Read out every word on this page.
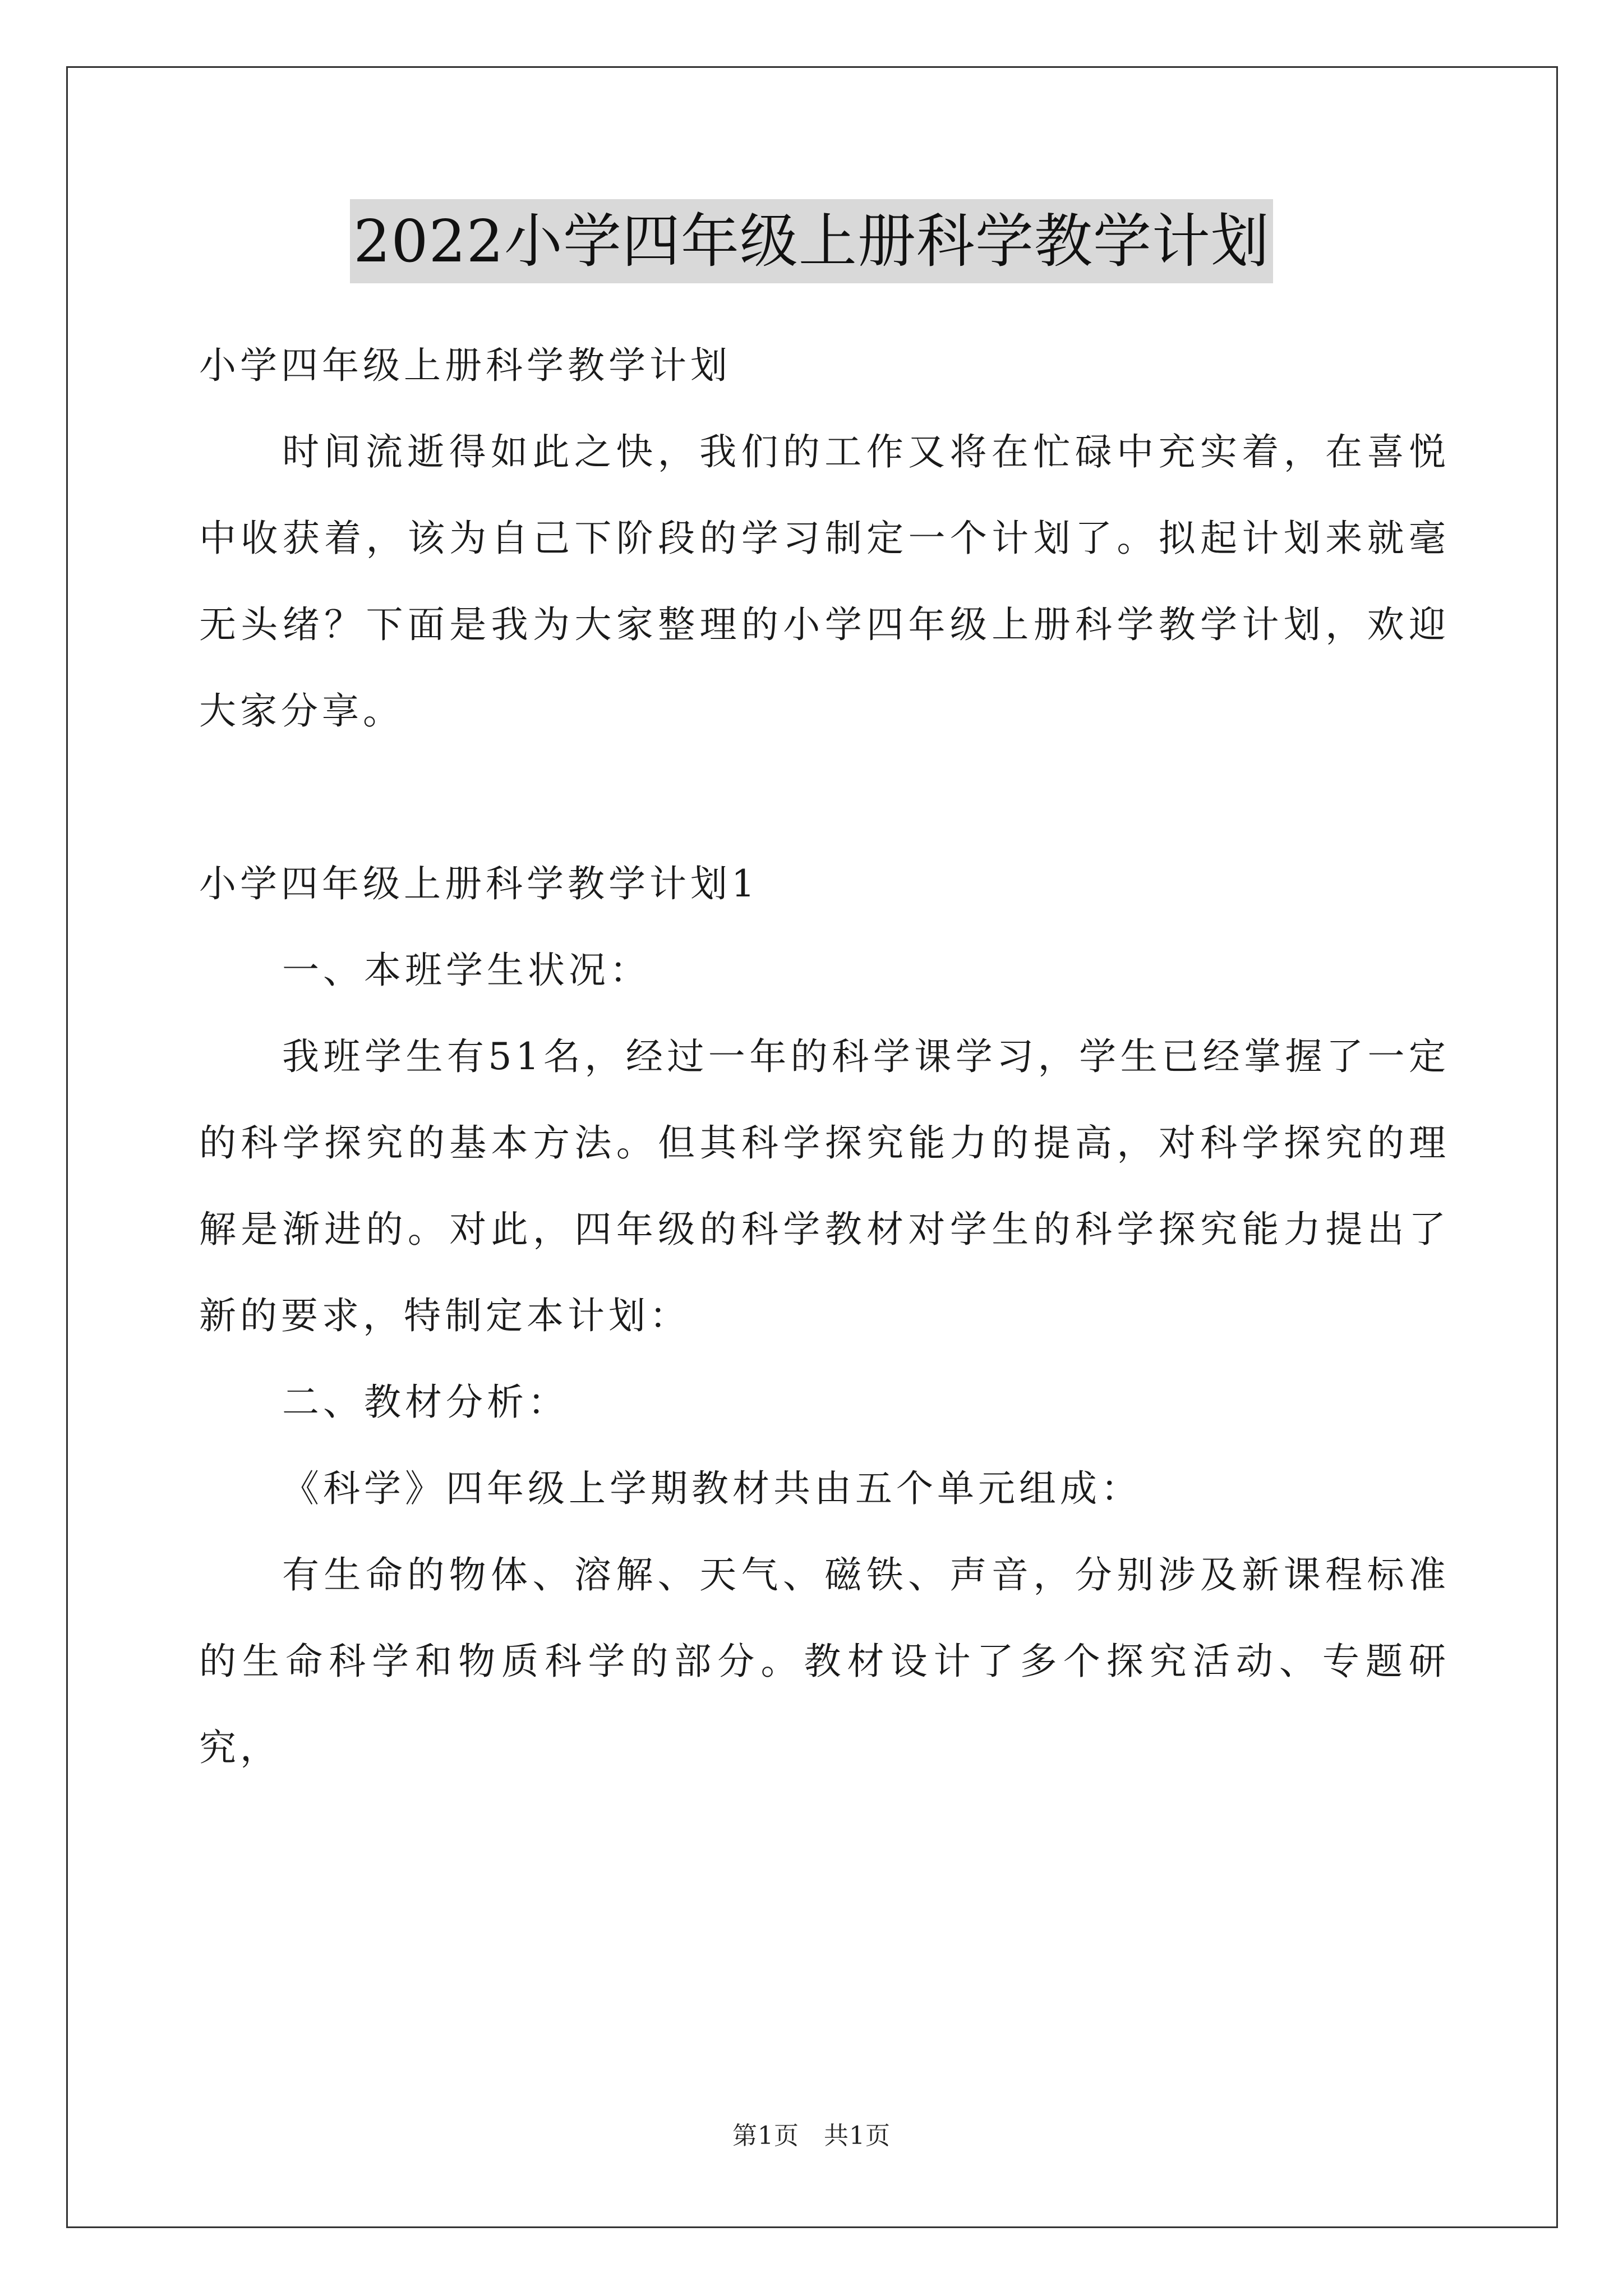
2022小学四年级上册科学教学计划

小学四年级上册科学教学计划

时间流逝得如此之快，我们的工作又将在忙碌中充实着，在喜悦中收获着，该为自己下阶段的学习制定一个计划了。拟起计划来就毫无头绪？下面是我为大家整理的小学四年级上册科学教学计划，欢迎大家分享。

小学四年级上册科学教学计划1

一、本班学生状况：

我班学生有51名，经过一年的科学课学习，学生已经掌握了一定的科学探究的基本方法。但其科学探究能力的提高，对科学探究的理解是渐进的。对此，四年级的科学教材对学生的科学探究能力提出了新的要求，特制定本计划：

二、教材分析：

《科学》四年级上学期教材共由五个单元组成：

有生命的物体、溶解、天气、磁铁、声音，分别涉及新课程标准的生命科学和物质科学的部分。教材设计了多个探究活动、专题研究，

第1页 共1页
